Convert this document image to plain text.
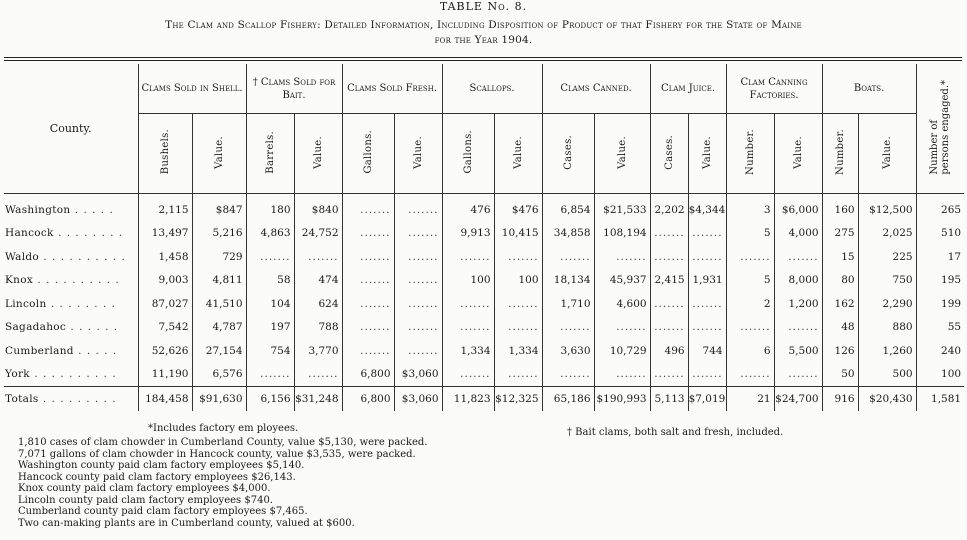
TABLE No. 8.
The Clam and Scallop Fishery: Detailed Information, Including Disposition of Product of that Fishery for the State of Maine
for the Year 1904.
County.	Clams Sold in Shell.		† Clams Sold for Bait.		Clams Sold Fresh.		Scallops.		Clams Canned.		Clam Juice.		Clam Canning Factories.		Boats.		Number of
persons engaged.*
	Bushels.	Value.	Barrels.	Value.	Gallons.	Value.	Gallons.	Value.	Cases.	Value.	Cases.	Value.	Number.	Value.	Number.	Value.	
Washington . . . . .	2,115	$847	180	$840	.......	.......	476	$476	6,854	$21,533	2,202	$4,344	3	$6,000	160	$12,500	265
Hancock . . . . . . . .	13,497	5,216	4,863	24,752	.......	.......	9,913	10,415	34,858	108,194	.......	.......	5	4,000	275	2,025	510
Waldo . . . . . . . . . .	1,458	729	.......	.......	.......	.......	.......	.......	.......	.......	.......	.......	.......	.......	15	225	17
Knox . . . . . . . . . .	9,003	4,811	58	474	.......	.......	100	100	18,134	45,937	2,415	1,931	5	8,000	80	750	195
Lincoln . . . . . . . .	87,027	41,510	104	624	.......	.......	.......	.......	1,710	4,600	.......	.......	2	1,200	162	2,290	199
Sagadahoc . . . . . .	7,542	4,787	197	788	.......	.......	.......	.......	.......	.......	.......	.......	.......	.......	48	880	55
Cumberland . . . . .	52,626	27,154	754	3,770	.......	.......	1,334	1,334	3,630	10,729	496	744	6	5,500	126	1,260	240
York . . . . . . . . . .	11,190	6,576	.......	.......	6,800	$3,060	.......	.......	.......	.......	.......	.......	.......	.......	50	500	100
Totals . . . . . . . . .	184,458	$91,630	6,156	$31,248	6,800	$3,060	11,823	$12,325	65,186	$190,993	5,113	$7,019	21	$24,700	916	$20,430	1,581
*Includes factory em ployees.	† Bait clams, both salt and fresh, included.
1,810 cases of clam chowder in Cumberland County, value $5,130, were packed.
7,071 gallons of clam chowder in Hancock county, value $3,535, were packed.
Washington county paid clam factory employees $5,140.
Hancock county paid clam factory employees $26,143.
Knox county paid clam factory employees $4,000.
Lincoln county paid clam factory employees $740.
Cumberland county paid clam factory employees $7,465.
Two can-making plants are in Cumberland county, valued at $600.
